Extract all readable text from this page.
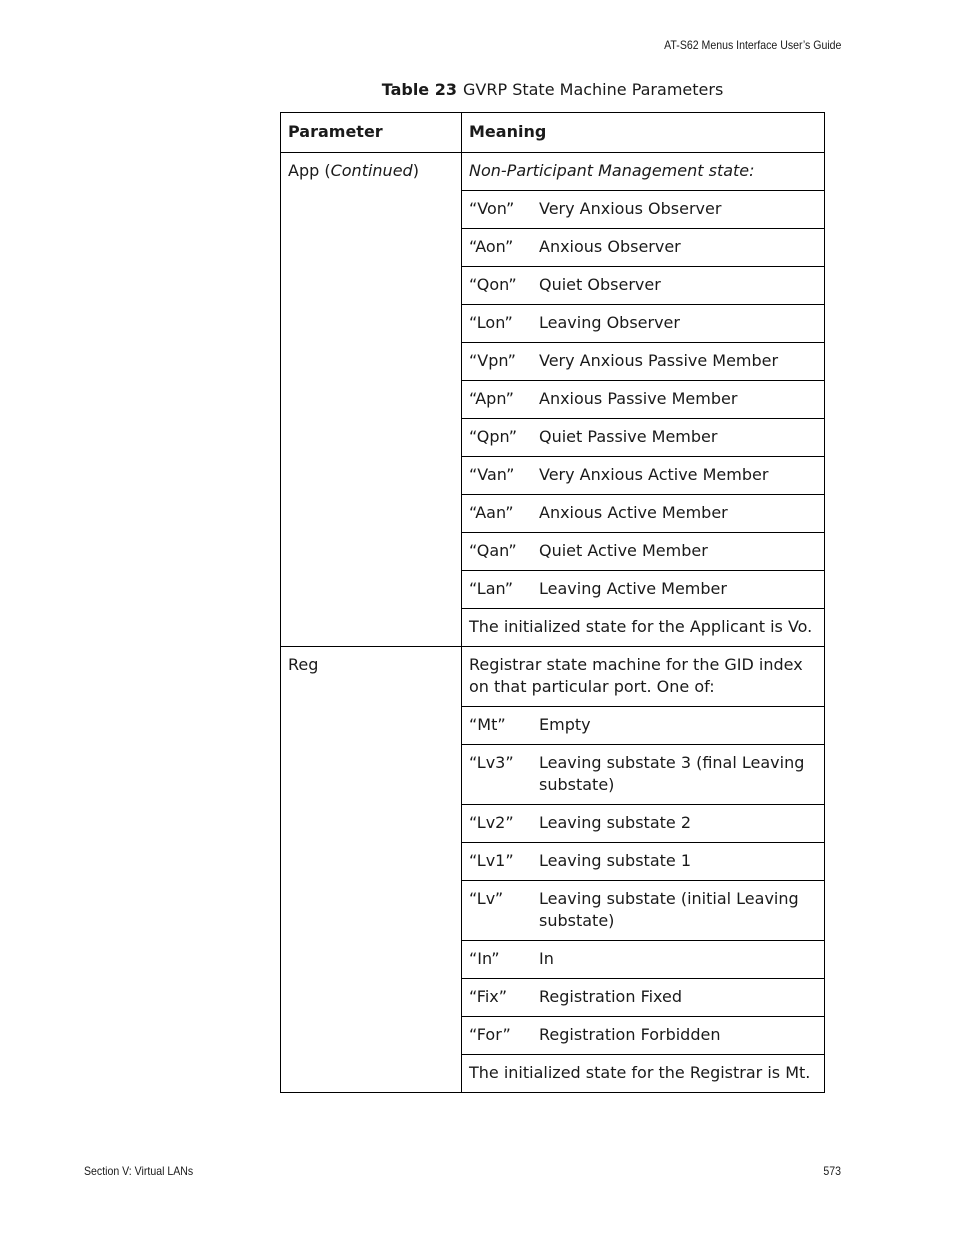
AT-S62 Menus Interface User’s Guide
Table 23 GVRP State Machine Parameters
Parameter	Meaning
App (Continued)	Non-Participant Management state:
	“Von” Very Anxious Observer
	“Aon” Anxious Observer
	“Qon” Quiet Observer
	“Lon” Leaving Observer
	“Vpn” Very Anxious Passive Member
	“Apn” Anxious Passive Member
	“Qpn” Quiet Passive Member
	“Van” Very Anxious Active Member
	“Aan” Anxious Active Member
	“Qan” Quiet Active Member
	“Lan” Leaving Active Member
	The initialized state for the Applicant is Vo.
Reg	Registrar state machine for the GID index on that particular port. One of:
	“Mt” Empty
	“Lv3” Leaving substate 3 (final Leaving substate)
	“Lv2” Leaving substate 2
	“Lv1” Leaving substate 1
	“Lv” Leaving substate (initial Leaving substate)
	“In” In
	“Fix” Registration Fixed
	“For” Registration Forbidden
	The initialized state for the Registrar is Mt.
Section V: Virtual LANs	573
